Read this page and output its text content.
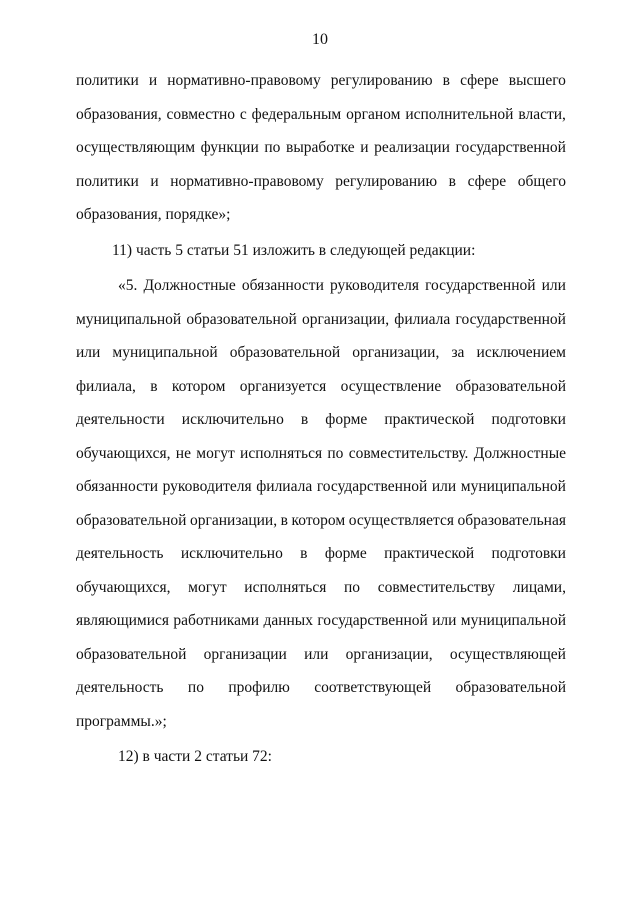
10
политики и нормативно-правовому регулированию в сфере высшего
образования, совместно с федеральным органом исполнительной власти,
осуществляющим функции по выработке и реализации государственной
политики и нормативно-правовому регулированию в сфере общего
образования, порядке»;
11) часть 5 статьи 51 изложить в следующей редакции:
«5. Должностные обязанности руководителя государственной или
муниципальной образовательной организации, филиала государственной
или муниципальной образовательной организации, за исключением
филиала, в котором организуется осуществление образовательной
деятельности исключительно в форме практической подготовки
обучающихся, не могут исполняться по совместительству. Должностные
обязанности руководителя филиала государственной или муниципальной
образовательной организации, в котором осуществляется образовательная
деятельность исключительно в форме практической подготовки
обучающихся, могут исполняться по совместительству лицами,
являющимися работниками данных государственной или муниципальной
образовательной организации или организации, осуществляющей
деятельность по профилю соответствующей образовательной
программы.»;
12) в части 2 статьи 72:
